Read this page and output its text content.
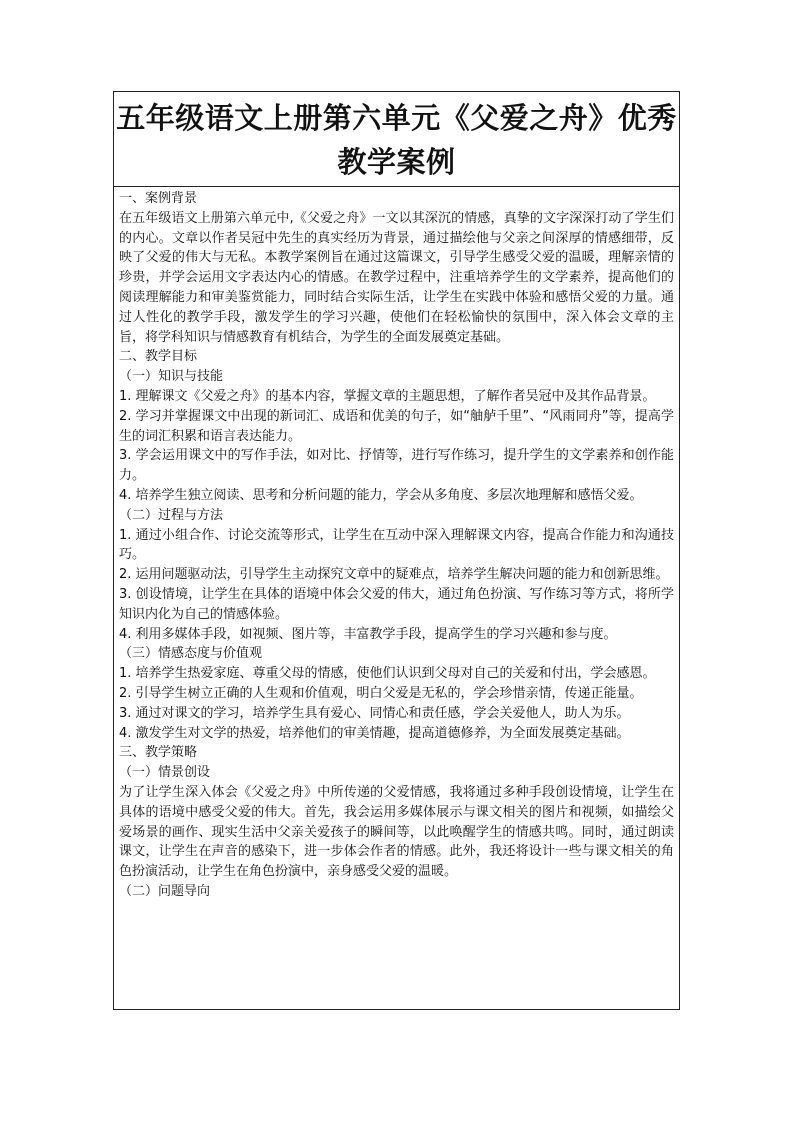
五年级语文上册第六单元《父爱之舟》优秀
教学案例

一、案例背景

在五年级语文上册第六单元中,《父爱之舟》一文以其深沉的情感，真挚的文字深深打动了学生们的内心。文章以作者吴冠中先生的真实经历为背景，通过描绘他与父亲之间深厚的情感细带，反映了父爱的伟大与无私。本教学案例旨在通过这篇课文，引导学生感受父爱的温暖，理解亲情的珍贵，并学会运用文字表达内心的情感。在教学过程中，注重培养学生的文学素养，提高他们的阅读理解能力和审美鉴赏能力，同时结合实际生活，让学生在实践中体验和感悟父爱的力量。通过人性化的教学手段，激发学生的学习兴趣，使他们在轻松愉快的氛围中，深入体会文章的主旨，将学科知识与情感教育有机结合，为学生的全面发展奠定基础。

二、教学目标

（一）知识与技能

1. 理解课文《父爱之舟》的基本内容，掌握文章的主题思想，了解作者吴冠中及其作品背景。

2. 学习并掌握课文中出现的新词汇、成语和优美的句子，如“舳舻千里”、“风雨同舟”等，提高学生的词汇积累和语言表达能力。

3. 学会运用课文中的写作手法，如对比、抒情等，进行写作练习，提升学生的文学素养和创作能力。

4. 培养学生独立阅读、思考和分析问题的能力，学会从多角度、多层次地理解和感悟父爱。

（二）过程与方法

1. 通过小组合作、讨论交流等形式，让学生在互动中深入理解课文内容，提高合作能力和沟通技巧。

2. 运用问题驱动法，引导学生主动探究文章中的疑难点，培养学生解决问题的能力和创新思维。

3. 创设情境，让学生在具体的语境中体会父爱的伟大，通过角色扮演、写作练习等方式，将所学知识内化为自己的情感体验。

4. 利用多媒体手段，如视频、图片等，丰富教学手段，提高学生的学习兴趣和参与度。

（三）情感态度与价值观

1. 培养学生热爱家庭、尊重父母的情感，使他们认识到父母对自己的关爱和付出，学会感恩。

2. 引导学生树立正确的人生观和价值观，明白父爱是无私的，学会珍惜亲情，传递正能量。

3. 通过对课文的学习，培养学生具有爱心、同情心和责任感，学会关爱他人，助人为乐。

4. 激发学生对文学的热爱，培养他们的审美情趣，提高道德修养，为全面发展奠定基础。

三、教学策略

（一）情景创设

为了让学生深入体会《父爱之舟》中所传递的父爱情感，我将通过多种手段创设情境，让学生在具体的语境中感受父爱的伟大。首先，我会运用多媒体展示与课文相关的图片和视频，如描绘父爱场景的画作、现实生活中父亲关爱孩子的瞬间等，以此唤醒学生的情感共鸣。同时，通过朗读课文，让学生在声音的感染下，进一步体会作者的情感。此外，我还将设计一些与课文相关的角色扮演活动，让学生在角色扮演中，亲身感受父爱的温暖。

（二）问题导向
